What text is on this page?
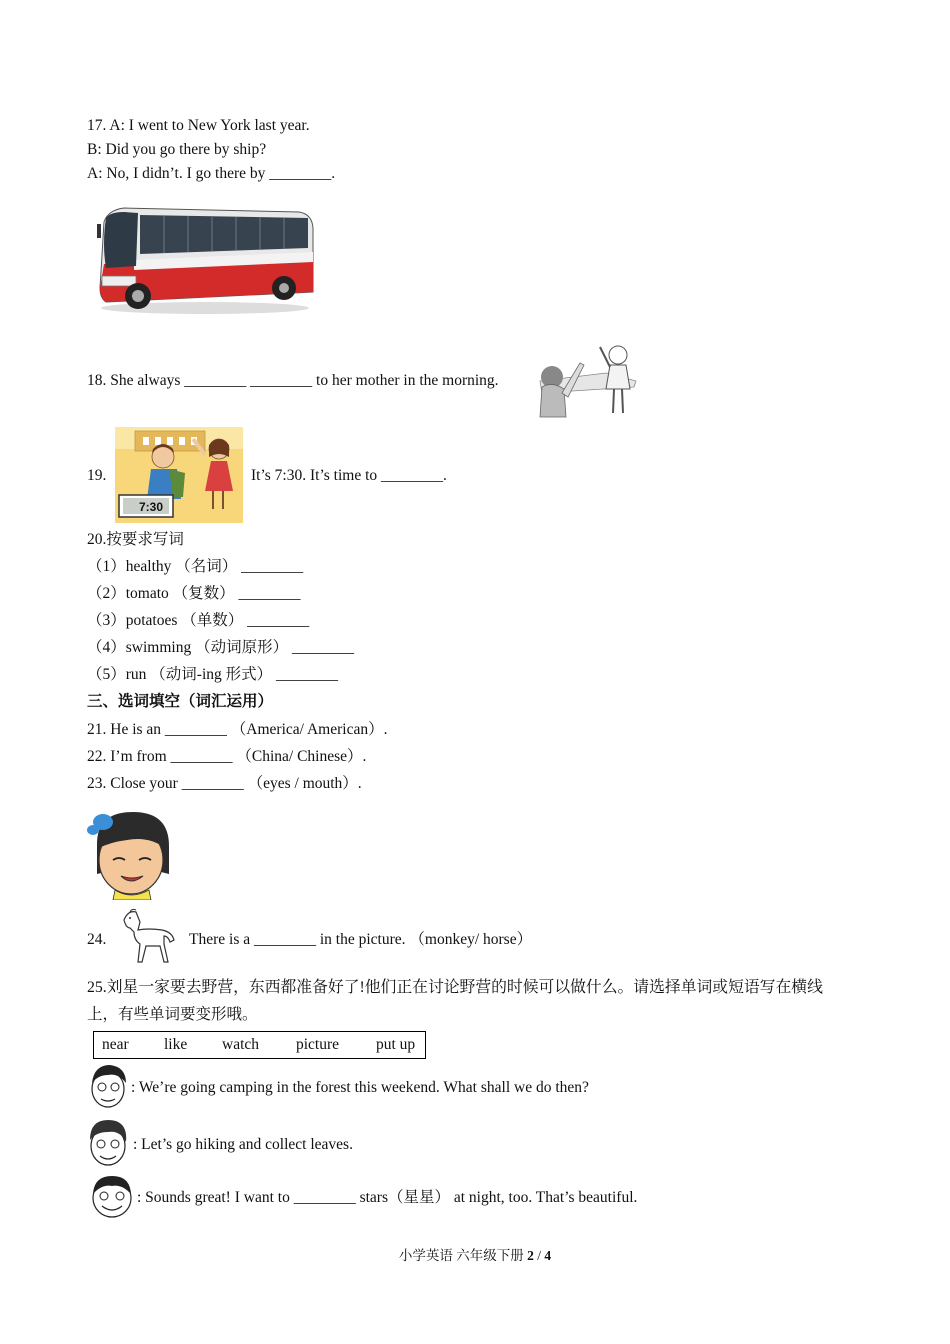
17. A: I went to New York last year.
B: Did you go there by ship?
A: No, I didn’t. I go there by ________.
18. She always ________ ________ to her mother in the morning.
19.
7:30
It’s 7:30. It’s time to ________.
20.按要求写词
（1）healthy （名词） ________
（2）tomato （复数） ________
（3）potatoes （单数） ________
（4）swimming （动词原形） ________
（5）run （动词-ing 形式） ________
三、选词填空（词汇运用）
21. He is an ________ （America/ American）.
22. I’m from ________ （China/ Chinese）.
23. Close your ________ （eyes / mouth）.
24.	There is a ________ in the picture. （monkey/ horse）
25.刘星一家要去野营，东西都准备好了!他们正在讨论野营的时候可以做什么。请选择单词或短语写在横线
上，有些单词要变形哦。
near like watch picture put up
: We’re going camping in the forest this weekend. What shall we do then?
: Let’s go hiking and collect leaves.
: Sounds great! I want to ________ stars（星星） at night, too. That’s beautiful.
小学英语 六年级下册 2 / 4
